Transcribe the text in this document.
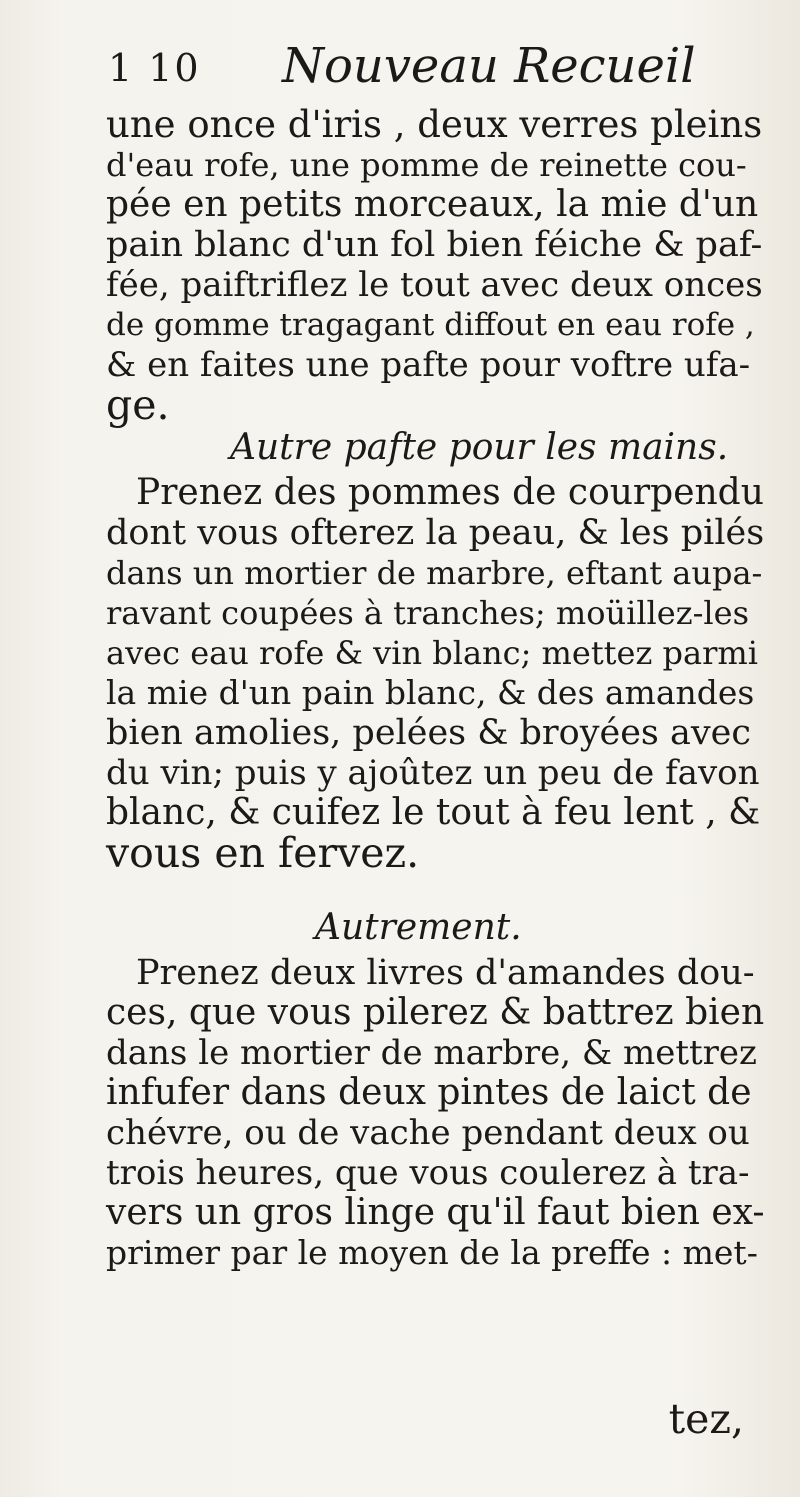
1 10 Nouveau Recueil
une once d'iris , deux verres pleins
d'eau rofe, une pomme de reinette cou-
pée en petits morceaux, la mie d'un
pain blanc d'un fol bien féiche & paf-
fée, paiftriflez le tout avec deux onces
de gomme tragagant diffout en eau rofe ,
& en faites une pafte pour voftre ufa-
ge.
Autre pafte pour les mains.
Prenez des pommes de courpendu
dont vous ofterez la peau, & les pilés
dans un mortier de marbre, eftant aupa-
ravant coupées à tranches; moüillez-les
avec eau rofe & vin blanc; mettez parmi
la mie d'un pain blanc, & des amandes
bien amolies, pelées & broyées avec
du vin; puis y ajoûtez un peu de favon
blanc, & cuifez le tout à feu lent , &
vous en fervez.
Autrement.
Prenez deux livres d'amandes dou-
ces, que vous pilerez & battrez bien
dans le mortier de marbre, & mettrez
infufer dans deux pintes de laict de
chévre, ou de vache pendant deux ou
trois heures, que vous coulerez à tra-
vers un gros linge qu'il faut bien ex-
primer par le moyen de la preffe : met-
tez,
